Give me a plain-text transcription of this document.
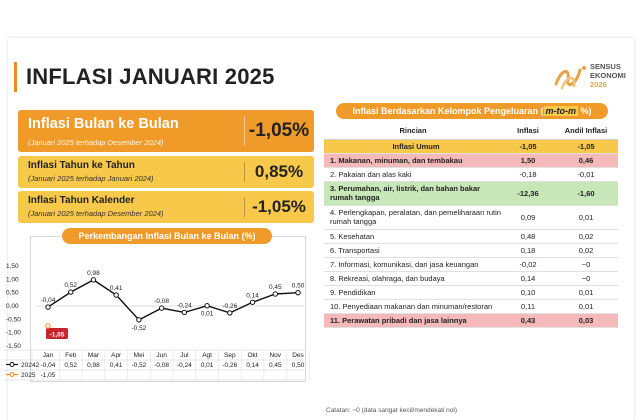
INFLASI JANUARI 2025	SENSUS
EKONOMI
2026
Inflasi Bulan ke Bulan
(Januari 2025 terhadap Desember 2024)
-1,05%
Inflasi Tahun ke Tahun
(Januari 2025 terhadap Januari 2024)	0,85%
Inflasi Tahun Kalender
(Januari 2025 terhadap Desember 2024)	-1,05%
1,50
1,00
0,50
0,00
-0,50
-1,00
-1,50
-0,04
0,52
0,98
0,41
-0,52
-0,08
-0,24
0,01
-0,26
0,14
0,45 0,50
-1,05
Jan Feb Mar Apr Mei Jun Jul Agt Sep Okt Nov Des
20242 -0,04 0,52 0,98 0,41 -0,52 -0,08 -0,24 0,01 -0,26 0,14 0,45 0,50
2025 -1,05
Perkembangan Inflasi Bulan ke Bulan (%)
Inflasi Berdasarkan Kelompok Pengeluaran ( m-to-m %)
Rincian	Inflasi	Andil Inflasi
Inflasi Umum	-1,05	-1,05
1. Makanan, minuman, dan tembakau	1,50	0,46
2. Pakaian dan alas kaki	-0,18	-0,01
3. Perumahan, air, listrik, dan bahan bakar rumah tangga	-12,36	-1,60
4. Perlengkapan, peralatan, dan pemeliharaan rutin rumah tangga	0,09	0,01
5. Kesehatan	0,48	0,02
6. Transportasi	0,18	0,02
7. Informasi, komunikasi, dan jasa keuangan	-0,02	~0
8. Rekreasi, olahraga, dan budaya	0,14	~0
9. Pendidikan	0,10	0,01
10. Penyediaan makanan dan minuman/restoran	0,11	0,01
11. Perawatan pribadi dan jasa lainnya	0,43	0,03
Catatan: ~0 (data sangat kecil/mendekati nol)
